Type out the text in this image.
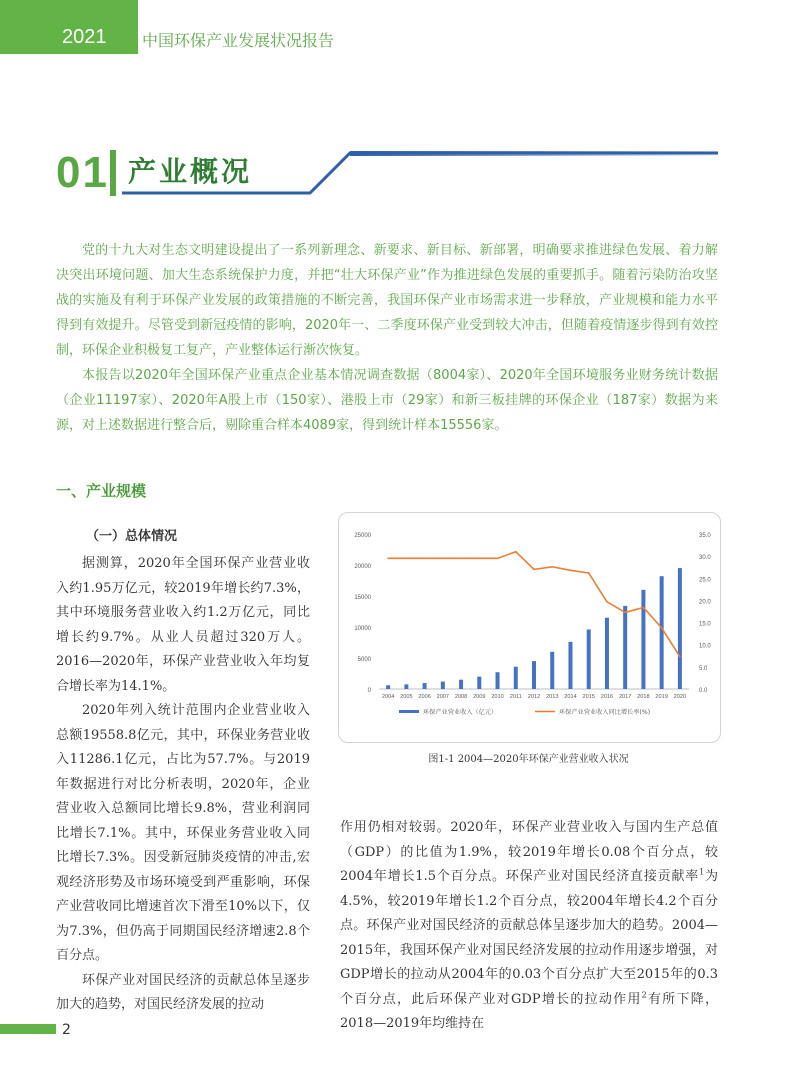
2021 中国环保产业发展状况报告
01 产业概况

党的十九大对生态文明建设提出了一系列新理念、新要求、新目标、新部署，明确要求推进绿色发展、着力解决突出环境问题、加大生态系统保护力度，并把“壮大环保产业”作为推进绿色发展的重要抓手。随着污染防治攻坚战的实施及有利于环保产业发展的政策措施的不断完善，我国环保产业市场需求进一步释放，产业规模和能力水平得到有效提升。尽管受到新冠疫情的影响，2020年一、二季度环保产业受到较大冲击，但随着疫情逐步得到有效控制，环保企业积极复工复产，产业整体运行渐次恢复。

本报告以2020年全国环保产业重点企业基本情况调查数据（8004家）、2020年全国环境服务业财务统计数据（企业11197家）、2020年A股上市（150家）、港股上市（29家）和新三板挂牌的环保企业（187家）数据为来源，对上述数据进行整合后，剔除重合样本4089家，得到统计样本15556家。

一、产业规模
（一）总体情况

据测算，2020年全国环保产业营业收入约1.95万亿元，较2019年增长约7.3%，其中环境服务营业收入约1.2万亿元，同比增长约9.7%。从业人员超过320万人。2016—2020年，环保产业营业收入年均复合增长率为14.1%。

2020年列入统计范围内企业营业收入总额19558.8亿元，其中，环保业务营业收入11286.1亿元，占比为57.7%。与2019年数据进行对比分析表明，2020年，企业营业收入总额同比增长9.8%，营业利润同比增长7.1%。其中，环保业务营业收入同比增长7.3%。因受新冠肺炎疫情的冲击,宏观经济形势及市场环境受到严重影响，环保产业营收同比增速首次下滑至10%以下，仅为7.3%，但仍高于同期国民经济增速2.8个百分点。

环保产业对国民经济的贡献总体呈逐步加大的趋势，对国民经济发展的拉动

0
5000
10000
15000
20000
25000
0.0
5.0
10.0
15.0
20.0
25.0
30.0
35.0
2004 2005 2006 2007 2008 2009 2010 2011 2012 2013 2014 2015 2016 2017 2018 2019 2020
环保产业营业收入（亿元）	环保产业营业收入同比增长率(%)
图1-1 2004—2020年环保产业营业收入状况

作用仍相对较弱。2020年，环保产业营业收入与国内生产总值（GDP）的比值为1.9%，较2019年增长0.08个百分点，较2004年增长1.5个百分点。环保产业对国民经济直接贡献率$^1$为4.5%，较2019年增长1.2个百分点，较2004年增长4.2个百分点。环保产业对国民经济的贡献总体呈逐步加大的趋势。2004—2015年，我国环保产业对国民经济发展的拉动作用逐步增强，对GDP增长的拉动从2004年的0.03个百分点扩大至2015年的0.3个百分点，此后环保产业对GDP增长的拉动作用$^2$有所下降，2018—2019年均维持在

2
